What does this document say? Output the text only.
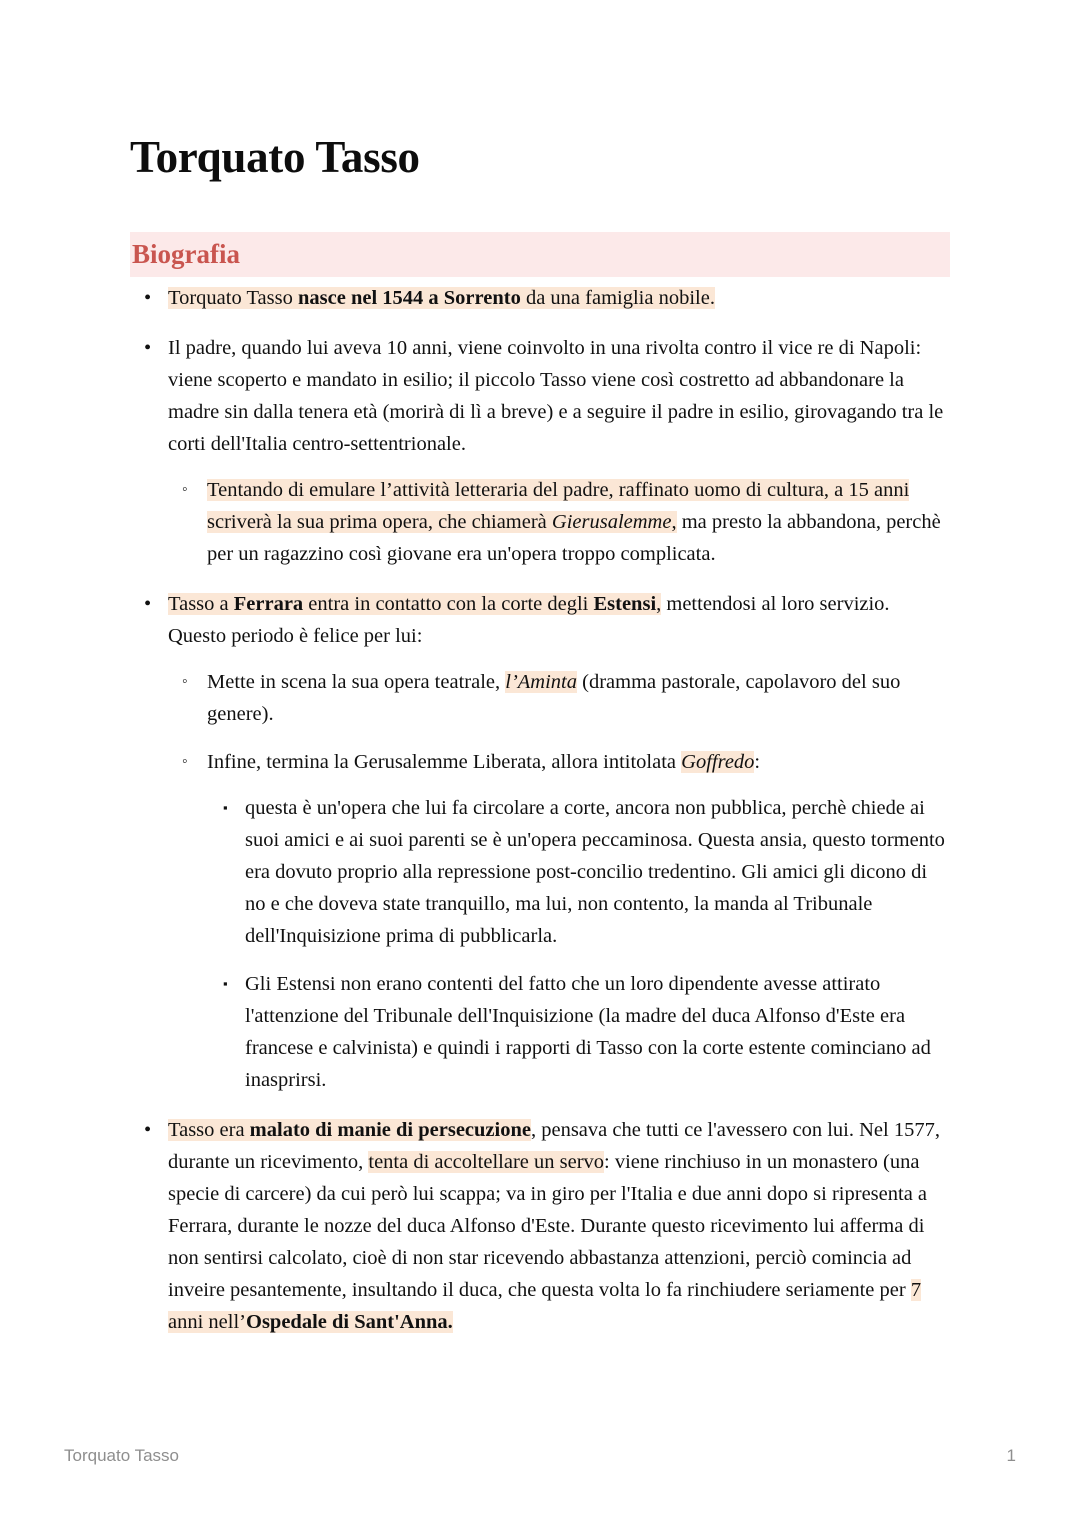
Torquato Tasso
Biografia
• Torquato Tasso nasce nel 1544 a Sorrento da una famiglia nobile.
• Il padre, quando lui aveva 10 anni, viene coinvolto in una rivolta contro il vice re di Napoli: viene scoperto e mandato in esilio; il piccolo Tasso viene così costretto ad abbandonare la madre sin dalla tenera età (morirà di lì a breve) e a seguire il padre in esilio, girovagando tra le corti dell'Italia centro-settentrionale.
◦ Tentando di emulare l’attività letteraria del padre, raffinato uomo di cultura, a 15 anni scriverà la sua prima opera, che chiamerà Gierusalemme, ma presto la abbandona, perchè per un ragazzino così giovane era un'opera troppo complicata.
• Tasso a Ferrara entra in contatto con la corte degli Estensi, mettendosi al loro servizio. Questo periodo è felice per lui:
◦ Mette in scena la sua opera teatrale, l’Aminta (dramma pastorale, capolavoro del suo genere).
◦ Infine, termina la Gerusalemme Liberata, allora intitolata Goffredo:
▪ questa è un'opera che lui fa circolare a corte, ancora non pubblica, perchè chiede ai suoi amici e ai suoi parenti se è un'opera peccaminosa. Questa ansia, questo tormento era dovuto proprio alla repressione post-concilio tredentino. Gli amici gli dicono di no e che doveva state tranquillo, ma lui, non contento, la manda al Tribunale dell'Inquisizione prima di pubblicarla.
▪ Gli Estensi non erano contenti del fatto che un loro dipendente avesse attirato l'attenzione del Tribunale dell'Inquisizione (la madre del duca Alfonso d'Este era francese e calvinista) e quindi i rapporti di Tasso con la corte estente cominciano ad inasprirsi.
• Tasso era malato di manie di persecuzione, pensava che tutti ce l'avessero con lui. Nel 1577, durante un ricevimento, tenta di accoltellare un servo: viene rinchiuso in un monastero (una specie di carcere) da cui però lui scappa; va in giro per l'Italia e due anni dopo si ripresenta a Ferrara, durante le nozze del duca Alfonso d'Este. Durante questo ricevimento lui afferma di non sentirsi calcolato, cioè di non star ricevendo abbastanza attenzioni, perciò comincia ad inveire pesantemente, insultando il duca, che questa volta lo fa rinchiudere seriamente per 7 anni nell’Ospedale di Sant'Anna.
Torquato Tasso	1
